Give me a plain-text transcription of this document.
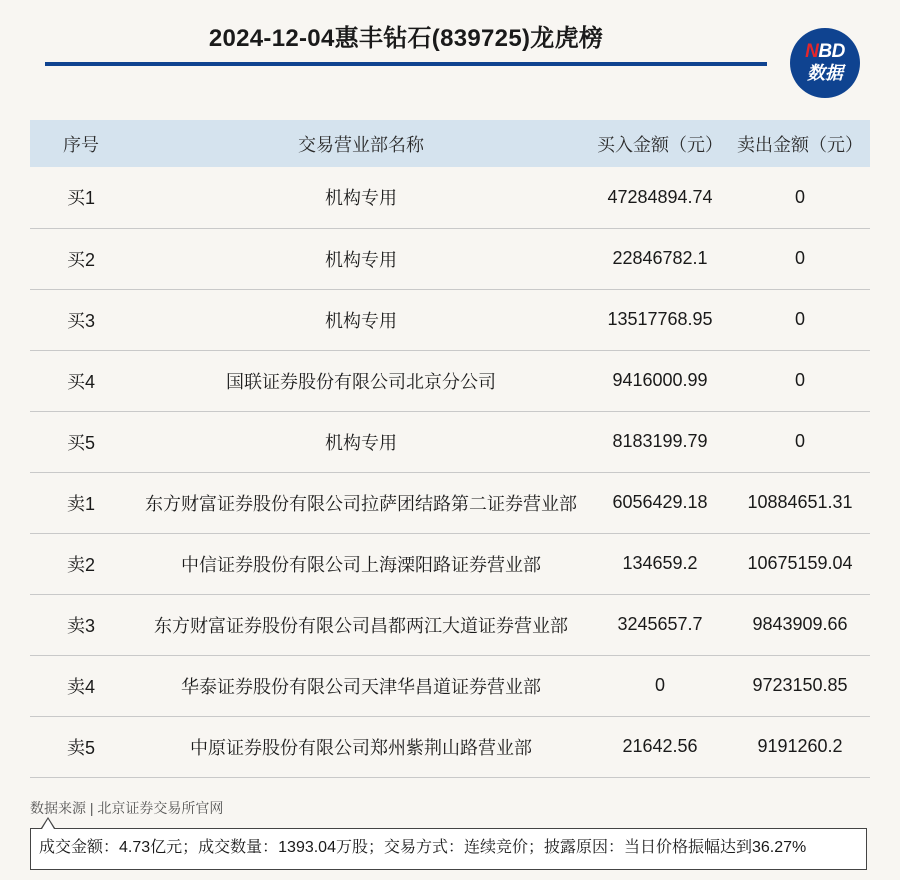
2024-12-04惠丰钻石(839725)龙虎榜	NBD
数据
序号	交易营业部名称	买入金额（元）	卖出金额（元）
买1	机构专用	47284894.74	0
买2	机构专用	22846782.1	0
买3	机构专用	13517768.95	0
买4	国联证券股份有限公司北京分公司	9416000.99	0
买5	机构专用	8183199.79	0
卖1	东方财富证券股份有限公司拉萨团结路第二证券营业部	6056429.18	10884651.31
卖2	中信证券股份有限公司上海溧阳路证券营业部	134659.2	10675159.04
卖3	东方财富证券股份有限公司昌都两江大道证券营业部	3245657.7	9843909.66
卖4	华泰证券股份有限公司天津华昌道证券营业部	0	9723150.85
卖5	中原证券股份有限公司郑州紫荆山路营业部	21642.56	9191260.2
数据来源 | 北京证券交易所官网
成交金额：4.73亿元；成交数量：1393.04万股；交易方式：连续竞价；披露原因：当日价格振幅达到36.27%
